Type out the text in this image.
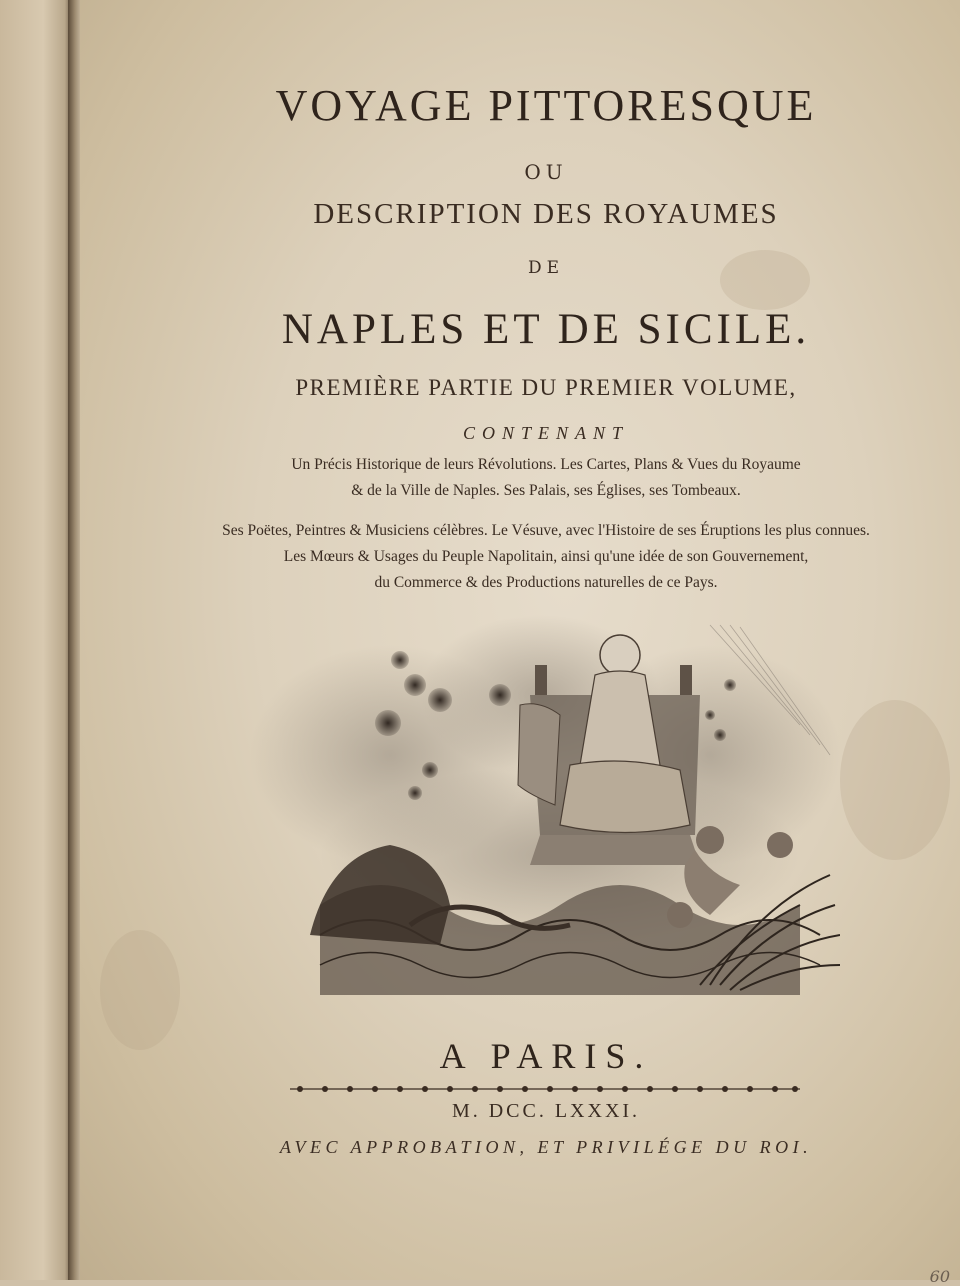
VOYAGE PITTORESQUE
OU
DESCRIPTION DES ROYAUMES
DE
NAPLES ET DE SICILE.
PREMIÈRE PARTIE DU PREMIER VOLUME,
CONTENANT
Un Précis Historique de leurs Révolutions. Les Cartes, Plans & Vues du Royaume
& de la Ville de Naples. Ses Palais, ses Églises, ses Tombeaux.
Ses Poëtes, Peintres & Musiciens célèbres. Le Vésuve, avec l'Histoire de ses Éruptions les plus connues.
Les Mœurs & Usages du Peuple Napolitain, ainsi qu'une idée de son Gouvernement,
du Commerce & des Productions naturelles de ce Pays.
A PARIS.
M. DCC. LXXXI.
AVEC APPROBATION, ET PRIVILÉGE DU ROI.
60
